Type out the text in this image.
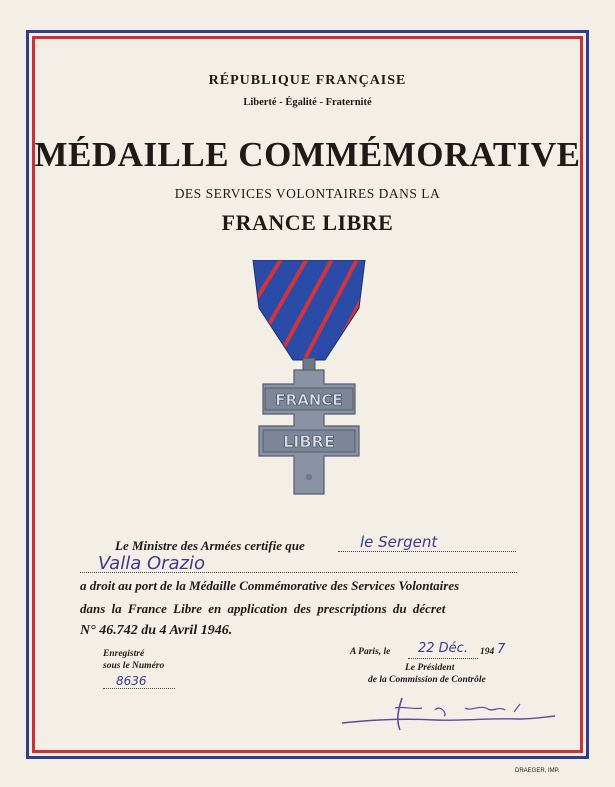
RÉPUBLIQUE FRANÇAISE
Liberté - Égalité - Fraternité
MÉDAILLE COMMÉMORATIVE
DES SERVICES VOLONTAIRES DANS LA
FRANCE LIBRE
FRANCE
LIBRE
Le Ministre des Armées certifie que	le Sergent
Valla Orazio
a droit au port de la Médaille Commémorative des Services Volontaires
dans la France Libre en application des prescriptions du décret
N° 46.742 du 4 Avril 1946.
Enregistré
sous le Numéro
8636
A Paris, le 22 Déc. 194 7
Le Président
de la Commission de Contrôle
DRAEGER, IMP.
